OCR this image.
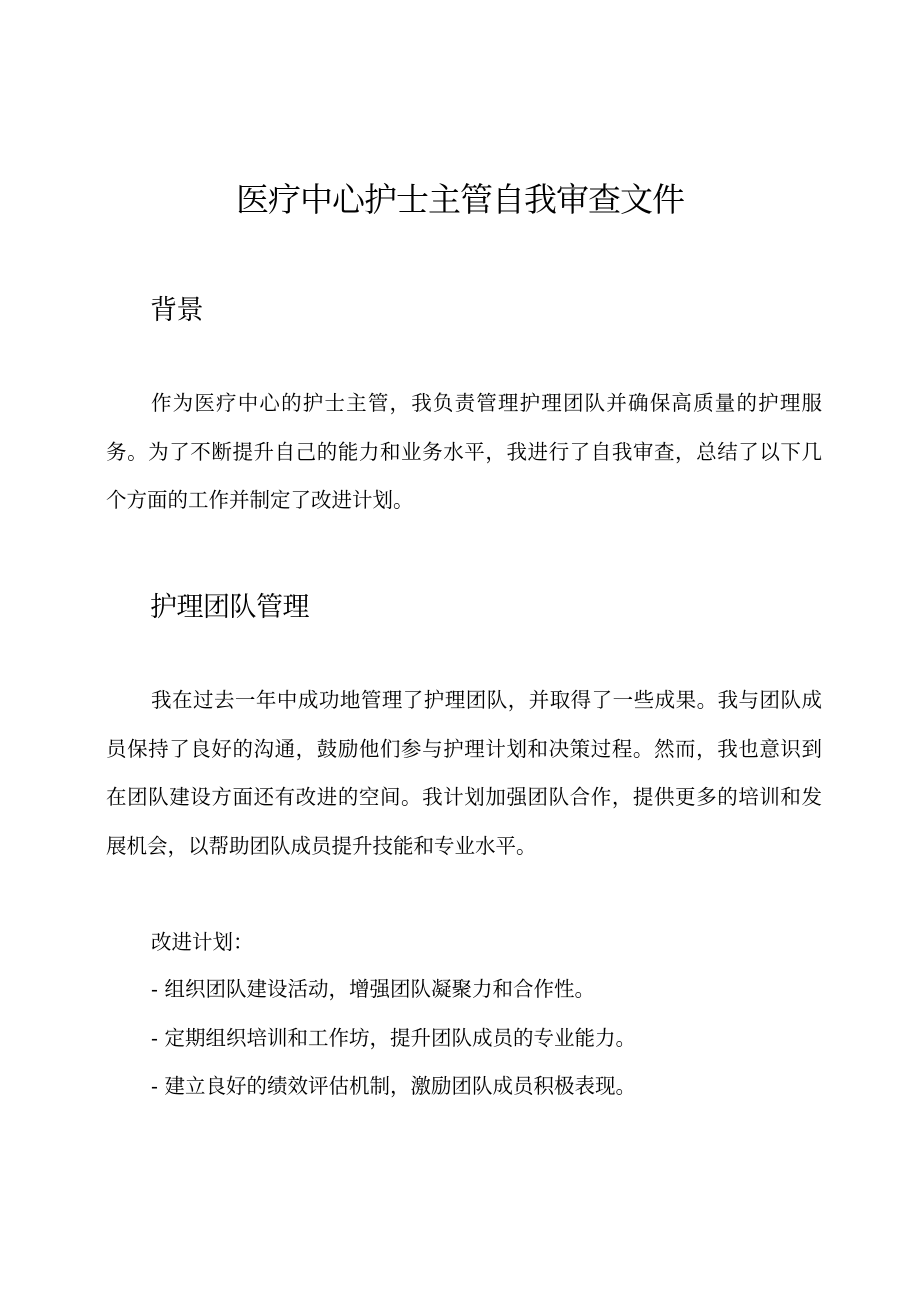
医疗中心护士主管自我审查文件
背景

作为医疗中心的护士主管，我负责管理护理团队并确保高质量的护理服务。为了不断提升自己的能力和业务水平，我进行了自我审查，总结了以下几个方面的工作并制定了改进计划。

护理团队管理

我在过去一年中成功地管理了护理团队，并取得了一些成果。我与团队成员保持了良好的沟通，鼓励他们参与护理计划和决策过程。然而，我也意识到在团队建设方面还有改进的空间。我计划加强团队合作，提供更多的培训和发展机会，以帮助团队成员提升技能和专业水平。

改进计划：

- 组织团队建设活动，增强团队凝聚力和合作性。
- 定期组织培训和工作坊，提升团队成员的专业能力。
- 建立良好的绩效评估机制，激励团队成员积极表现。
